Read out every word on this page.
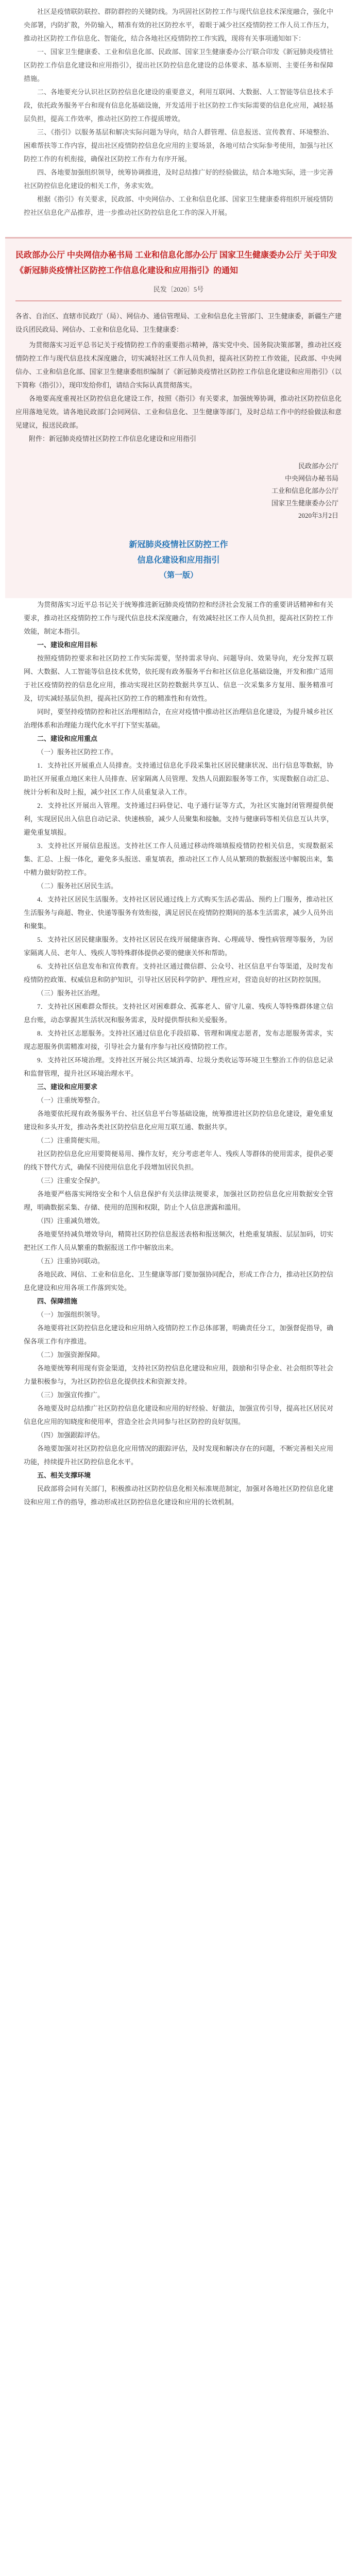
社区是疫情联防联控、群防群控的关键防线。为巩固社区防控工作与现代信息技术深度融合，强化中央部署，内防扩散，外防输入，精准有效的社区防控水平，着眼于减少社区疫情防控工作人员工作压力，推动社区防控工作信息化、智能化，结合各地社区疫情防控工作实践，现将有关事项通知如下：

一、国家卫生健康委、工业和信息化部、民政部、国家卫生健康委办公厅联合印发《新冠肺炎疫情社区防控工作信息化建设和应用指引》，提出社区防控信息化建设的总体要求、基本原则、主要任务和保障措施。

二、各地要充分认识社区防控信息化建设的重要意义，利用互联网、大数据、人工智能等信息技术手段，依托政务服务平台和现有信息化基础设施，开发适用于社区防控工作实际需要的信息化应用，减轻基层负担，提高工作效率，推动社区防控工作提质增效。

三、《指引》以服务基层和解决实际问题为导向，结合人群管理、信息报送、宣传教育、环境整治、困难帮扶等工作内容，提出社区疫情防控信息化应用的主要场景，各地可结合实际参考使用，加强与社区防控工作的有机衔接，确保社区防控工作有力有序开展。

四、各地要加强组织领导，统筹协调推进，及时总结推广好的经验做法，结合本地实际，进一步完善社区防控信息化建设的相关工作，务求实效。

根据《指引》有关要求，民政部、中央网信办、工业和信息化部、国家卫生健康委将组织开展疫情防控社区信息化产品推荐，进一步推动社区防控信息化工作的深入开展。

民政部办公厅 中央网信办秘书局 工业和信息化部办公厅 国家卫生健康委办公厅 关于印发《新冠肺炎疫情社区防控工作信息化建设和应用指引》的通知
民发〔2020〕5号

各省、自治区、直辖市民政厅（局）、网信办、通信管理局、工业和信息化主管部门、卫生健康委，新疆生产建设兵团民政局、网信办、工业和信息化局、卫生健康委：

为贯彻落实习近平总书记关于疫情防控工作的重要指示精神，落实党中央、国务院决策部署，推动社区疫情防控工作与现代信息技术深度融合，切实减轻社区工作人员负担，提高社区防控工作效能，民政部、中央网信办、工业和信息化部、国家卫生健康委组织编制了《新冠肺炎疫情社区防控工作信息化建设和应用指引》（以下简称《指引》），现印发给你们，请结合实际认真贯彻落实。

各地要高度重视社区防控信息化建设工作，按照《指引》有关要求，加强统筹协调，推动社区防控信息化应用落地见效。请各地民政部门会同网信、工业和信息化、卫生健康等部门，及时总结工作中的经验做法和意见建议，报送民政部。

附件：新冠肺炎疫情社区防控工作信息化建设和应用指引

民政部办公厅
中央网信办秘书局
工业和信息化部办公厅
国家卫生健康委办公厅
2020年3月2日
新冠肺炎疫情社区防控工作
信息化建设和应用指引
（第一版）

为贯彻落实习近平总书记关于统筹推进新冠肺炎疫情防控和经济社会发展工作的重要讲话精神和有关要求，推动社区疫情防控工作与现代信息技术深度融合，有效减轻社区工作人员负担，提高社区防控工作效能，制定本指引。

一、建设和应用目标

按照疫情防控要求和社区防控工作实际需要，坚持需求导向、问题导向、效果导向，充分发挥互联网、大数据、人工智能等信息技术优势，依托现有政务服务平台和社区信息化基础设施，开发和推广适用于社区疫情防控的信息化应用，推动实现社区防控数据共享互认、信息一次采集多方复用、服务精准可及，切实减轻基层负担，提高社区防控工作的精准性和有效性。

同时，要坚持疫情防控和社区治理相结合，在应对疫情中推动社区治理信息化建设，为提升城乡社区治理体系和治理能力现代化水平打下坚实基础。

二、建设和应用重点

（一）服务社区防控工作。

1．支持社区开展重点人员排查。支持通过信息化手段采集社区居民健康状况、出行信息等数据，协助社区开展重点地区来往人员排查、居家隔离人员管理、发热人员跟踪服务等工作，实现数据自动汇总、统计分析和及时上报，减少社区工作人员重复录入工作。

2．支持社区开展出入管理。支持通过扫码登记、电子通行证等方式，为社区实施封闭管理提供便利，实现居民出入信息自动记录、快速核验，减少人员聚集和接触。支持与健康码等相关信息互认共享，避免重复填报。

3．支持社区开展信息报送。支持社区工作人员通过移动终端填报疫情防控相关信息，实现数据采集、汇总、上报一体化，避免多头报送、重复填表，推动社区工作人员从繁琐的数据报送中解脱出来，集中精力做好防控工作。

（二）服务社区居民生活。

4．支持社区居民生活服务。支持社区居民通过线上方式购买生活必需品、预约上门服务，推动社区生活服务与商超、物业、快递等服务有效衔接，满足居民在疫情防控期间的基本生活需求，减少人员外出和聚集。

5．支持社区居民健康服务。支持社区居民在线开展健康咨询、心理疏导、慢性病管理等服务，为居家隔离人员、老年人、残疾人等特殊群体提供必要的健康关怀和帮助。

6．支持社区信息发布和宣传教育。支持社区通过微信群、公众号、社区信息平台等渠道，及时发布疫情防控政策、权威信息和防护知识，引导社区居民科学防护、理性应对，营造良好的社区防控氛围。

（三）服务社区治理。

7．支持社区困难群众帮扶。支持社区对困难群众、孤寡老人、留守儿童、残疾人等特殊群体建立信息台账，动态掌握其生活状况和服务需求，及时提供帮扶和关爱服务。

8．支持社区志愿服务。支持社区通过信息化手段招募、管理和调度志愿者，发布志愿服务需求，实现志愿服务供需精准对接，引导社会力量有序参与社区疫情防控工作。

9．支持社区环境治理。支持社区开展公共区域消毒、垃圾分类收运等环境卫生整治工作的信息记录和监督管理，提升社区环境治理水平。

三、建设和应用要求

（一）注重统筹整合。

各地要依托现有政务服务平台、社区信息平台等基础设施，统筹推进社区防控信息化建设，避免重复建设和多头开发，推动各类社区防控信息化应用互联互通、数据共享。

（二）注重简便实用。

社区防控信息化应用要简便易用、操作友好，充分考虑老年人、残疾人等群体的使用需求，提供必要的线下替代方式，确保不因使用信息化手段增加居民负担。

（三）注重安全保护。

各地要严格落实网络安全和个人信息保护有关法律法规要求，加强社区防控信息化应用数据安全管理，明确数据采集、存储、使用的范围和权限，防止个人信息泄露和滥用。

（四）注重减负增效。

各地要坚持减负增效导向，精简社区防控信息报送表格和报送频次，杜绝重复填报、层层加码，切实把社区工作人员从繁重的数据报送工作中解放出来。

（五）注重协同联动。

各地民政、网信、工业和信息化、卫生健康等部门要加强协同配合，形成工作合力，推动社区防控信息化建设和应用各项工作落到实处。

四、保障措施

（一）加强组织领导。

各地要将社区防控信息化建设和应用纳入疫情防控工作总体部署，明确责任分工，加强督促指导，确保各项工作有序推进。

（二）加强资源保障。

各地要统筹利用现有资金渠道，支持社区防控信息化建设和应用，鼓励和引导企业、社会组织等社会力量积极参与，为社区防控信息化提供技术和资源支持。

（三）加强宣传推广。

各地要及时总结推广社区防控信息化建设和应用的好经验、好做法，加强宣传引导，提高社区居民对信息化应用的知晓度和使用率，营造全社会共同参与社区防控的良好氛围。

（四）加强跟踪评估。

各地要加强对社区防控信息化应用情况的跟踪评估，及时发现和解决存在的问题，不断完善相关应用功能，持续提升社区防控信息化水平。

五、相关支撑环境

民政部将会同有关部门，积极推动社区防控信息化相关标准规范制定，加强对各地社区防控信息化建设和应用工作的指导，推动形成社区防控信息化建设和应用的长效机制。
